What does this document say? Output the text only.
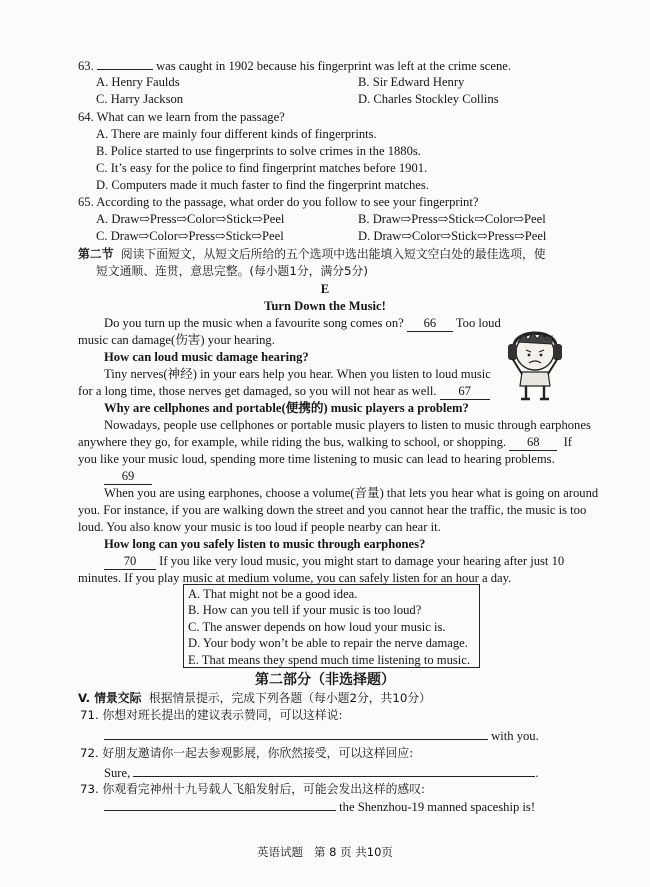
63.	was caught in 1902 because his fingerprint was left at the crime scene.
A. Henry Faulds	B. Sir Edward Henry
C. Harry Jackson	D. Charles Stockley Collins
64. What can we learn from the passage?
A. There are mainly four different kinds of fingerprints.
B. Police started to use fingerprints to solve crimes in the 1880s.
C. It’s easy for the police to find fingerprint matches before 1901.
D. Computers made it much faster to find the fingerprint matches.
65. According to the passage, what order do you follow to see your fingerprint?
A. Draw⇨Press⇨Color⇨Stick⇨Peel	B. Draw⇨Press⇨Stick⇨Color⇨Peel
C. Draw⇨Color⇨Press⇨Stick⇨Peel	D. Draw⇨Color⇨Stick⇨Press⇨Peel
第二节 阅读下面短文，从短文后所给的五个选项中选出能填入短文空白处的最佳选项，使
短文通顺、连贯，意思完整。(每小题1分，满分5分)
E
Turn Down the Music!
Do you turn up the music when a favourite song comes on? 66 Too loud
music can damage(伤害) your hearing.
How can loud music damage hearing?
Tiny nerves(神经) in your ears help you hear. When you listen to loud music
for a long time, those nerves get damaged, so you will not hear as well. 67
Why are cellphones and portable(便携的) music players a problem?
Nowadays, people use cellphones or portable music players to listen to music through earphones
anywhere they go, for example, while riding the bus, walking to school, or shopping. 68 If
you like your music loud, spending more time listening to music can lead to hearing problems.
69
When you are using earphones, choose a volume(音量) that lets you hear what is going on around
you. For instance, if you are walking down the street and you cannot hear the traffic, the music is too
loud. You also know your music is too loud if people nearby can hear it.
How long can you safely listen to music through earphones?
70 If you like very loud music, you might start to damage your hearing after just 10
minutes. If you play music at medium volume, you can safely listen for an hour a day.
A. That might not be a good idea.
B. How can you tell if your music is too loud?
C. The answer depends on how loud your music is.
D. Your body won’t be able to repair the nerve damage.
E. That means they spend much time listening to music.
第二部分（非选择题）
V. 情景交际 根据情景提示，完成下列各题（每小题2分，共10分）
71. 你想对班长提出的建议表示赞同，可以这样说:
with you.
72. 好朋友邀请你一起去参观影展，你欣然接受，可以这样回应:
Sure,	.
73. 你观看完神州十九号载人飞船发射后，可能会发出这样的感叹:
the Shenzhou-19 manned spaceship is!
英语试题 第 8 页 共10页
